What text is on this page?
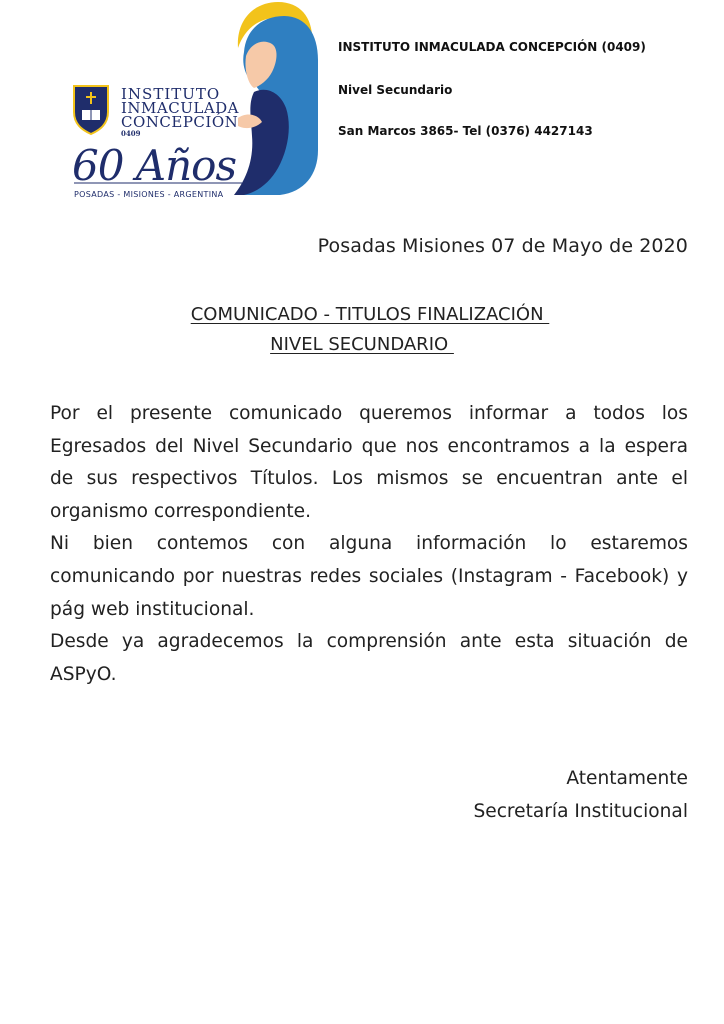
INSTITUTO
INMACULADA
CONCEPCIÓN
0409
60 Años
POSADAS - MISIONES - ARGENTINA
INSTITUTO INMACULADA CONCEPCIÓN (0409)
Nivel Secundario
San Marcos 3865- Tel (0376) 4427143
Posadas Misiones 07 de Mayo de 2020
COMUNICADO - TITULOS FINALIZACIÓN
NIVEL SECUNDARIO

Por el presente comunicado queremos informar a todos los Egresados del Nivel Secundario que nos encontramos a la espera de sus respectivos Títulos. Los mismos se encuentran ante el organismo correspondiente.

Ni bien contemos con alguna información lo estaremos comunicando por nuestras redes sociales (Instagram - Facebook) y pág web institucional.

Desde ya agradecemos la comprensión ante esta situación de ASPyO.

Atentamente
Secretaría Institucional
